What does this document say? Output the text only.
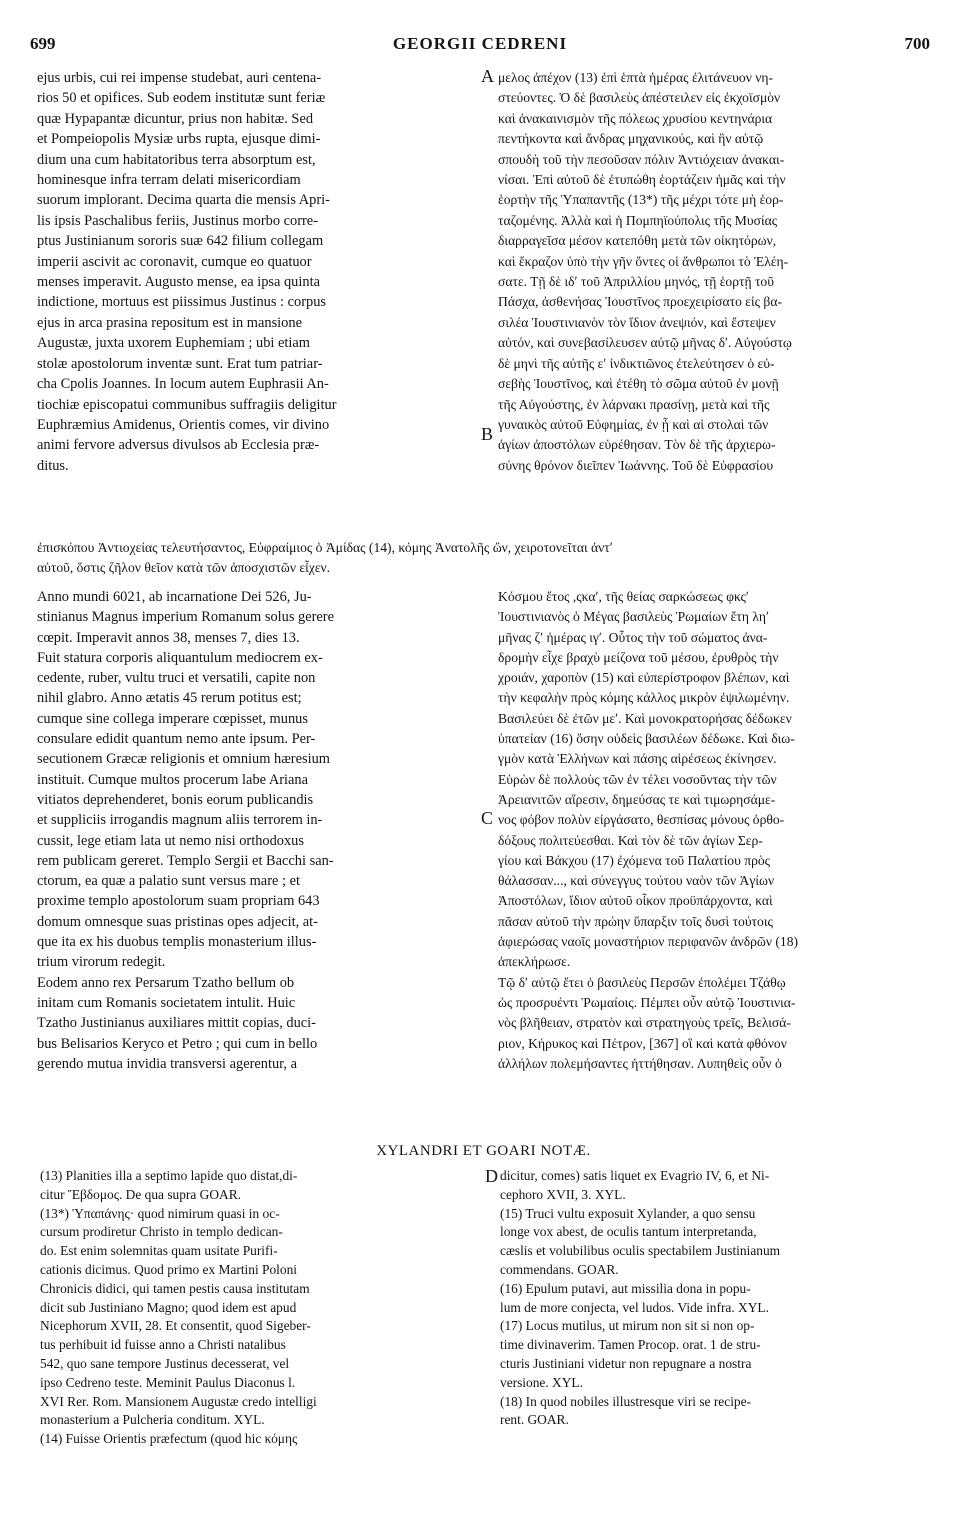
699	GEORGII CEDRENI	700
A
B
C
D
ejus urbis, cui rei impense studebat, auri centena-
rios 50 et opifices. Sub eodem institutæ sunt feriæ
quæ Hypapantæ dicuntur, prius non habitæ. Sed
et Pompeiopolis Mysiæ urbs rupta, ejusque dimi-
dium una cum habitatoribus terra absorptum est,
hominesque infra terram delati misericordiam
suorum implorant. Decima quarta die mensis Apri-
lis ipsis Paschalibus feriis, Justinus morbo corre-
ptus Justinianum sororis suæ 642 filium collegam
imperii ascivit ac coronavit, cumque eo quatuor
menses imperavit. Augusto mense, ea ipsa quinta
indictione, mortuus est piissimus Justinus : corpus
ejus in arca prasina repositum est in mansione
Augustæ, juxta uxorem Euphemiam ; ubi etiam
stolæ apostolorum inventæ sunt. Erat tum patriar-
cha Cpolis Joannes. In locum autem Euphrasii An-
tiochiæ episcopatui communibus suffragiis deligitur
Euphræmius Amidenus, Orientis comes, vir divino
animi fervore adversus divulsos ab Ecclesia præ-
ditus.
μελος ἀπέχον (13) ἐπὶ ἑπτὰ ἡμέρας ἐλιτάνευον νη-
στεύοντες. Ὁ δὲ βασιλεὺς ἀπέστειλεν εἰς ἐκχοϊσμὸν
καὶ ἀνακαινισμὸν τῆς πόλεως χρυσίου κεντηνάρια
πεντήκοντα καὶ ἄνδρας μηχανικούς, καὶ ἣν αὐτῷ
σπουδὴ τοῦ τὴν πεσοῦσαν πόλιν Ἀντιόχειαν ἀνακαι-
νίσαι. Ἐπὶ αὐτοῦ δὲ ἐτυπώθη ἑορτάζειν ἡμᾶς καὶ τὴν
ἑορτὴν τῆς Ὑπαπαντῆς (13*) τῆς μέχρι τότε μὴ ἑορ-
ταζομένης. Ἀλλὰ καὶ ἡ Πομπηϊούπολις τῆς Μυσίας
διαρραγεῖσα μέσον κατεπόθη μετὰ τῶν οἰκητόρων,
καὶ ἔκραζον ὑπὸ τὴν γῆν ὄντες οἱ ἄνθρωποι τὸ Ἐλέη-
σατε. Τῇ δὲ ιδʹ τοῦ Ἀπριλλίου μηνός, τῇ ἑορτῇ τοῦ
Πάσχα, ἀσθενήσας Ἰουστῖνος προεχειρίσατο εἰς βα-
σιλέα Ἰουστινιανὸν τὸν ἴδιον ἀνεψιόν, καὶ ἔστεψεν
αὐτόν, καὶ συνεβασίλευσεν αὐτῷ μῆνας δʹ. Αὐγούστῳ
δὲ μηνὶ τῆς αὐτῆς εʹ ἰνδικτιῶνος ἐτελεύτησεν ὁ εὐ-
σεβὴς Ἰουστῖνος, καὶ ἐτέθη τὸ σῶμα αὐτοῦ ἐν μονῇ
τῆς Αὐγούστης, ἐν λάρνακι πρασίνῃ, μετὰ καὶ τῆς
γυναικὸς αὐτοῦ Εὐφημίας, ἐν ᾗ καὶ αἱ στολαὶ τῶν
ἁγίων ἀποστόλων εὑρέθησαν. Τὸν δὲ τῆς ἀρχιερω-
σύνης θρόνον διεῖπεν Ἰωάννης. Τοῦ δὲ Εὐφρασίου
ἐπισκόπου Ἀντιοχείας τελευτήσαντος, Εὐφραίμιος ὁ Ἀμίδας (14), κόμης Ἀνατολῆς ὤν, χειροτονεῖται ἀντʹ
αὐτοῦ, ὅστις ζῆλον θεῖον κατὰ τῶν ἀποσχιστῶν εἶχεν.
Anno mundi 6021, ab incarnatione Dei 526, Ju-
stinianus Magnus imperium Romanum solus gerere
cœpit. Imperavit annos 38, menses 7, dies 13.
Fuit statura corporis aliquantulum mediocrem ex-
cedente, ruber, vultu truci et versatili, capite non
nihil glabro. Anno ætatis 45 rerum potitus est;
cumque sine collega imperare cœpisset, munus
consulare edidit quantum nemo ante ipsum. Per-
secutionem Græcæ religionis et omnium hæresium
instituit. Cumque multos procerum labe Ariana
vitiatos deprehenderet, bonis eorum publicandis
et suppliciis irrogandis magnum aliis terrorem in-
cussit, lege etiam lata ut nemo nisi orthodoxus
rem publicam gereret. Templo Sergii et Bacchi san-
ctorum, ea quæ a palatio sunt versus mare ; et
proxime templo apostolorum suam propriam 643
domum omnesque suas pristinas opes adjecit, at-
que ita ex his duobus templis monasterium illus-
trium virorum redegit.
Eodem anno rex Persarum Tzatho bellum ob
initam cum Romanis societatem intulit. Huic
Tzatho Justinianus auxiliares mittit copias, duci-
bus Belisarios Keryco et Petro ; qui cum in bello
gerendo mutua invidia transversi agerentur, a
Κόσμου ἔτος ,ςκαʹ, τῆς θείας σαρκώσεως φκςʹ
Ἰουστινιανὸς ὁ Μέγας βασιλεὺς Ῥωμαίων ἔτη ληʹ
μῆνας ζʹ ἡμέρας ιγʹ. Οὗτος τὴν τοῦ σώματος ἀνα-
δρομὴν εἶχε βραχὺ μείζονα τοῦ μέσου, ἐρυθρὸς τὴν
χροιάν, χαροπὸν (15) καὶ εὐπερίστροφον βλέπων, καὶ
τὴν κεφαλὴν πρὸς κόμης κάλλος μικρὸν ἐψιλωμένην.
Βασιλεύει δὲ ἐτῶν μεʹ. Καὶ μονοκρατορήσας δέδωκεν
ὑπατείαν (16) ὅσην οὐδεὶς βασιλέων δέδωκε. Καὶ διω-
γμὸν κατὰ Ἑλλήνων καὶ πάσης αἱρέσεως ἐκίνησεν.
Εὑρὼν δὲ πολλοὺς τῶν ἐν τέλει νοσοῦντας τὴν τῶν
Ἀρειανιτῶν αἵρεσιν, δημεύσας τε καὶ τιμωρησάμε-
νος φόβον πολὺν εἰργάσατο, θεσπίσας μόνους ὀρθο-
δόξους πολιτεύεσθαι. Καὶ τὸν δὲ τῶν ἁγίων Σερ-
γίου καὶ Βάκχου (17) ἐχόμενα τοῦ Παλατίου πρὸς
θάλασσαν..., καὶ σύνεγγυς τούτου ναὸν τῶν Ἁγίων
Ἀποστόλων, ἴδιον αὐτοῦ οἶκον προϋπάρχοντα, καὶ
πᾶσαν αὐτοῦ τὴν πρώην ὕπαρξιν τοῖς δυσὶ τούτοις
ἀφιερώσας ναοῖς μοναστήριον περιφανῶν ἀνδρῶν (18)
ἀπεκλήρωσε.
Τῷ δʹ αὐτῷ ἔτει ὁ βασιλεὺς Περσῶν ἐπολέμει Τζάθῳ
ὡς προσρυέντι Ῥωμαίοις. Πέμπει οὖν αὐτῷ Ἰουστινια-
νὸς βλῆθειαν, στρατὸν καὶ στρατηγοὺς τρεῖς, Βελισά-
ριον, Κήρυκος καὶ Πέτρον, [367] οἳ καὶ κατὰ φθόνον
ἀλλήλων πολεμήσαντες ἡττήθησαν. Λυπηθεὶς οὖν ὁ
XYLANDRI ET GOARI NOTÆ.
(13) Planities illa a septimo lapide quo distat,di-
citur Ἕβδομος. De qua supra GOAR.
(13*) Ὑπαπάνης· quod nimirum quasi in oc-
cursum prodiretur Christo in templo dedican-
do. Est enim solemnitas quam usitate Purifi-
cationis dicimus. Quod primo ex Martini Poloni
Chronicis didici, qui tamen pestis causa institutam
dicit sub Justiniano Magno; quod idem est apud
Nicephorum XVII, 28. Et consentit, quod Sigeber-
tus perhibuit id fuisse anno a Christi natalibus
542, quo sane tempore Justinus decesserat, vel
ipso Cedreno teste. Meminit Paulus Diaconus l.
XVI Rer. Rom. Mansionem Augustæ credo intelligi
monasterium a Pulcheria conditum. XYL.
(14) Fuisse Orientis præfectum (quod hic κόμης
dicitur, comes) satis liquet ex Evagrio IV, 6, et Ni-
cephoro XVII, 3. XYL.
(15) Truci vultu exposuit Xylander, a quo sensu
longe vox abest, de oculis tantum interpretanda,
cæslis et volubilibus oculis spectabilem Justinianum
commendans. GOAR.
(16) Epulum putavi, aut missilia dona in popu-
lum de more conjecta, vel ludos. Vide infra. XYL.
(17) Locus mutilus, ut mirum non sit si non op-
time divinaverim. Tamen Procop. orat. 1 de stru-
cturis Justiniani videtur non repugnare a nostra
versione. XYL.
(18) In quod nobiles illustresque viri se recipe-
rent. GOAR.
